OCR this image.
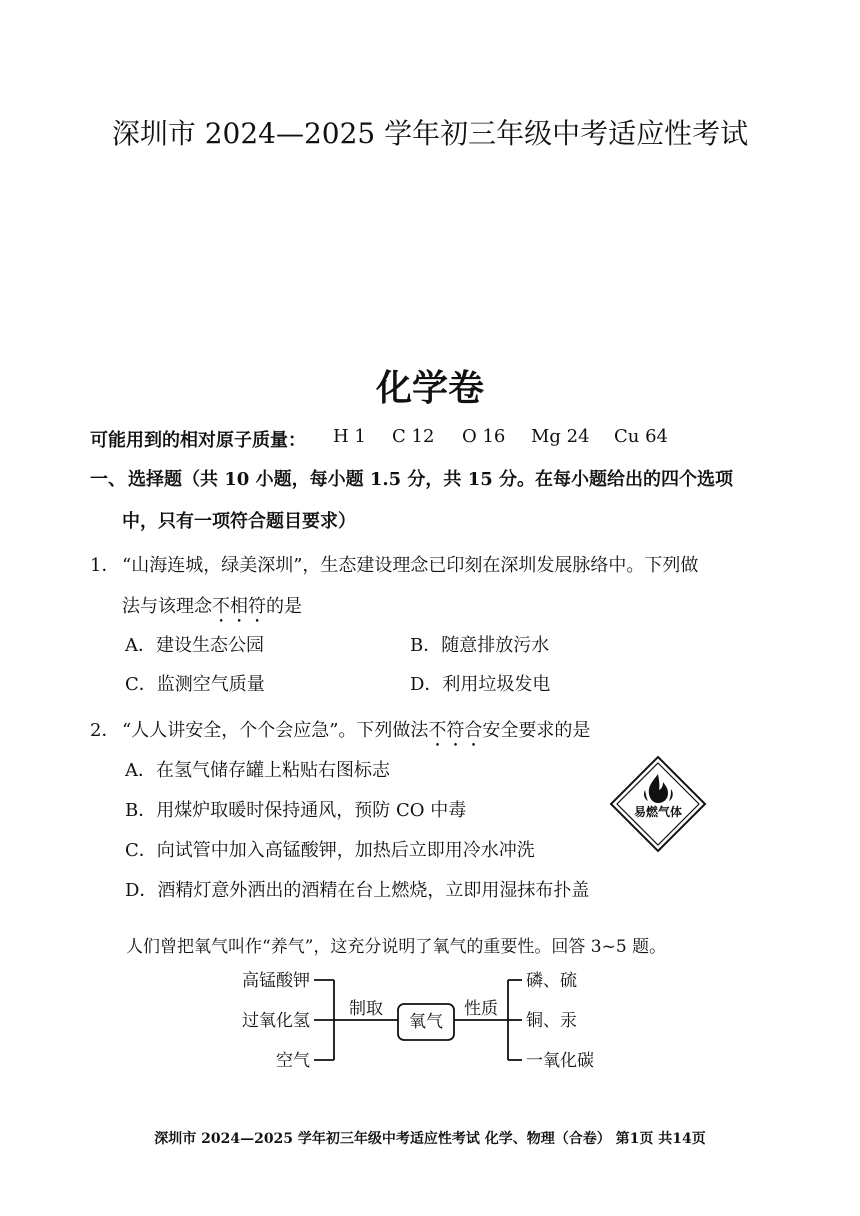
深圳市 2024—2025 学年初三年级中考适应性考试
化学卷
可能用到的相对原子质量： H 1 C 12 O 16 Mg 24 Cu 64
一、 选择题（共 10 小题，每小题 1.5 分，共 15 分。在每小题给出的四个选项
中，只有一项符合题目要求）
1． “山海连城，绿美深圳”，生态建设理念已印刻在深圳发展脉络中。下列做
法与该理念不相符的是
A．建设生态公园	B．随意排放污水
C．监测空气质量	D．利用垃圾发电
2． “人人讲安全，个个会应急”。下列做法不符合安全要求的是
A．在氢气储存罐上粘贴右图标志
B．用煤炉取暖时保持通风，预防 CO 中毒
C．向试管中加入高锰酸钾，加热后立即用冷水冲洗
D．酒精灯意外洒出的酒精在台上燃烧，立即用湿抹布扑盖
易燃气体
人们曾把氧气叫作“养气”，这充分说明了氧气的重要性。回答 3~5 题。
高锰酸钾
过氧化氢
空气
制取
氧气
性质
磷、硫
铜、汞
一氧化碳
深圳市 2024—2025 学年初三年级中考适应性考试 化学、物理（合卷） 第1页 共14页
